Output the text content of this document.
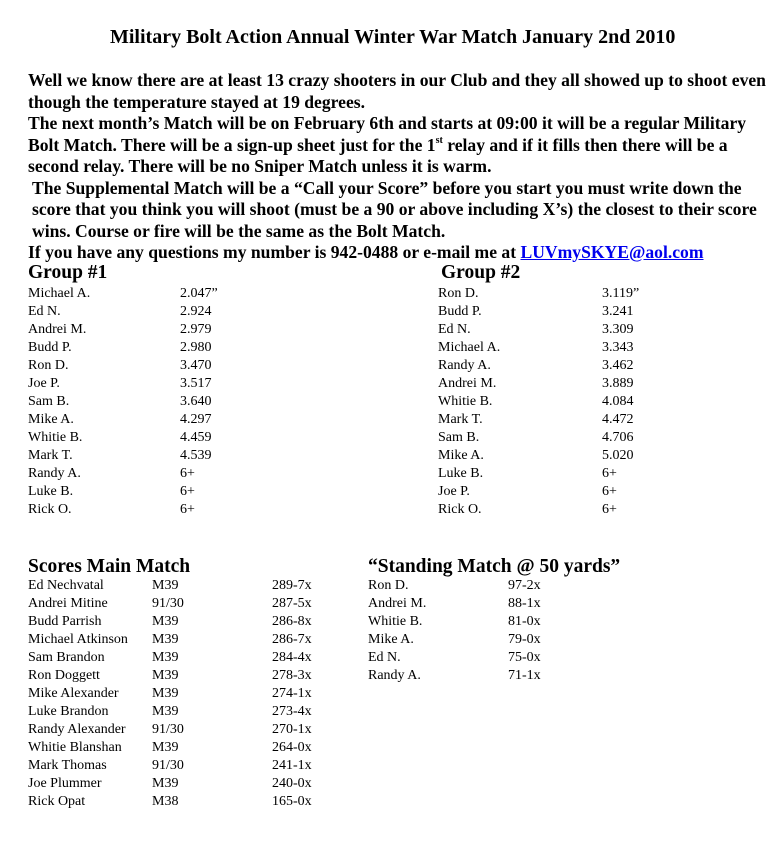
Military Bolt Action Annual Winter War Match January 2nd 2010

Well we know there are at least 13 crazy shooters in our Club and they all showed up to shoot even though the temperature stayed at 19 degrees.

The next month’s Match will be on February 6th and starts at 09:00 it will be a regular Military Bolt Match. There will be a sign-up sheet just for the 1st relay and if it fills then there will be a second relay. There will be no Sniper Match unless it is warm.

The Supplemental Match will be a “Call your Score” before you start you must write down the score that you think you will shoot (must be a 90 or above including X’s) the closest to their score wins. Course or fire will be the same as the Bolt Match.

If you have any questions my number is 942-0488 or e-mail me at LUVmySKYE@aol.com

Group #1
Michael A.	2.047”
Ed N.	2.924
Andrei M.	2.979
Budd P.	2.980
Ron D.	3.470
Joe P.	3.517
Sam B.	3.640
Mike A.	4.297
Whitie B.	4.459
Mark T.	4.539
Randy A.	6+
Luke B.	6+
Rick O.	6+
Group #2
Ron D.	3.119”
Budd P.	3.241
Ed N.	3.309
Michael A.	3.343
Randy A.	3.462
Andrei M.	3.889
Whitie B.	4.084
Mark T.	4.472
Sam B.	4.706
Mike A.	5.020
Luke B.	6+
Joe P.	6+
Rick O.	6+
Scores Main Match
Ed Nechvatal	M39	289-7x
Andrei Mitine	91/30	287-5x
Budd Parrish	M39	286-8x
Michael Atkinson M39	286-7x
Sam Brandon	M39	284-4x
Ron Doggett	M39	278-3x
Mike Alexander M39	274-1x
Luke Brandon	M39	273-4x
Randy Alexander 91/30	270-1x
Whitie Blanshan M39	264-0x
Mark Thomas	91/30	241-1x
Joe Plummer	M39	240-0x
Rick Opat	M38	165-0x
“Standing Match @ 50 yards”
Ron D.	97-2x
Andrei M.	88-1x
Whitie B.	81-0x
Mike A.	79-0x
Ed N.	75-0x
Randy A.	71-1x
